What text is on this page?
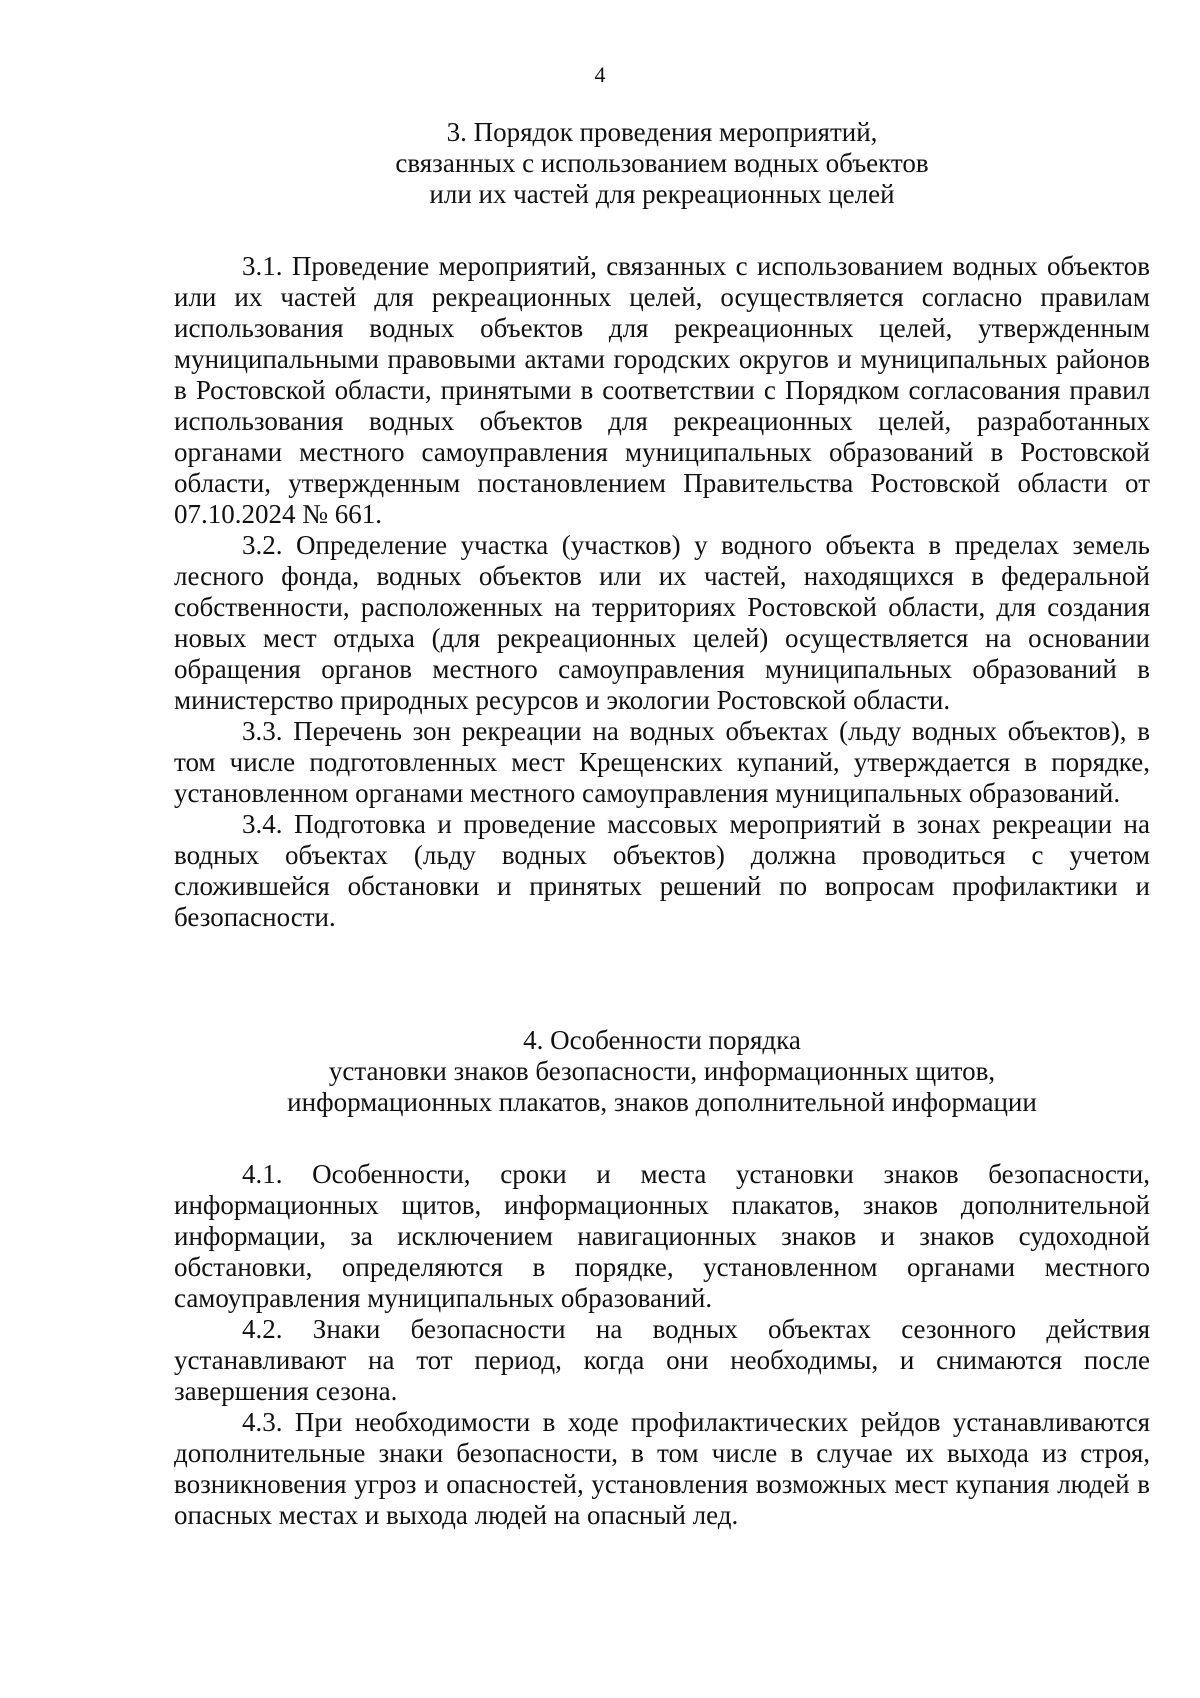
4
3. Порядок проведения мероприятий,
связанных с использованием водных объектов
или их частей для рекреационных целей

3.1. Проведение мероприятий, связанных с использованием водных объектов или их частей для рекреационных целей, осуществляется согласно правилам использования водных объектов для рекреационных целей, утвержденным муниципальными правовыми актами городских округов и муниципальных районов в Ростовской области, принятыми в соответствии с Порядком согласования правил использования водных объектов для рекреационных целей, разработанных органами местного самоуправления муниципальных образований в Ростовской области, утвержденным постановлением Правительства Ростовской области от 07.10.2024 № 661.

3.2. Определение участка (участков) у водного объекта в пределах земель лесного фонда, водных объектов или их частей, находящихся в федеральной собственности, расположенных на территориях Ростовской области, для создания новых мест отдыха (для рекреационных целей) осуществляется на основании обращения органов местного самоуправления муниципальных образований в министерство природных ресурсов и экологии Ростовской области.

3.3. Перечень зон рекреации на водных объектах (льду водных объектов), в том числе подготовленных мест Крещенских купаний, утверждается в порядке, установленном органами местного самоуправления муниципальных образований.

3.4. Подготовка и проведение массовых мероприятий в зонах рекреации на водных объектах (льду водных объектов) должна проводиться с учетом сложившейся обстановки и принятых решений по вопросам профилактики и безопасности.

4. Особенности порядка
установки знаков безопасности, информационных щитов,
информационных плакатов, знаков дополнительной информации

4.1. Особенности, сроки и места установки знаков безопасности, информационных щитов, информационных плакатов, знаков дополнительной информации, за исключением навигационных знаков и знаков судоходной обстановки, определяются в порядке, установленном органами местного самоуправления муниципальных образований.

4.2. Знаки безопасности на водных объектах сезонного действия устанавливают на тот период, когда они необходимы, и снимаются после завершения сезона.

4.3. При необходимости в ходе профилактических рейдов устанавливаются дополнительные знаки безопасности, в том числе в случае их выхода из строя, возникновения угроз и опасностей, установления возможных мест купания людей в опасных местах и выхода людей на опасный лед.
